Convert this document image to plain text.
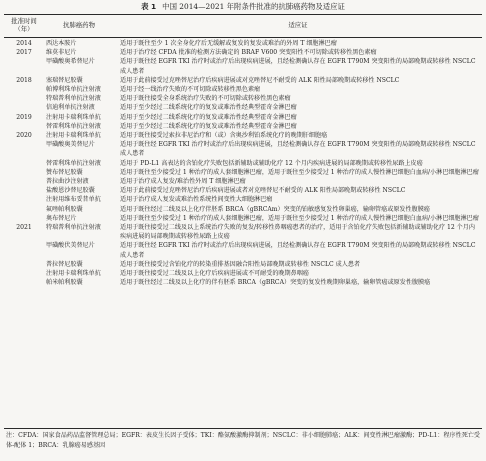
表 1 中国 2014—2021 年附条件批准的抗肺癌药物及适应证
批准时间（年）	抗肺癌药物	适应证
2014	西达本胺片	适用于既往至少 1 次全身化疗后无缓解或复发的复发或难治的外周 T 细胞淋巴瘤
2017	维莫非尼片	适用于治疗经 CFDA 批准的检测方法确定的 BRAF V600 突变阳性不可切除或转移性黑色素瘤
甲磺酸奥希替尼片	适用于既往经 EGFR TKI 治疗时或治疗后出现疾病进展，且经检测确认存在 EGFR T790M 突变阳性的局部晚期或转移性 NSCLC 成人患者
2018	塞瑞替尼胶囊	适用于此前接受过克唑替尼治疗后疾病进展或对克唑替尼不耐受的 ALK 阳性局部晚期或转移性 NSCLC
帕博利珠单抗注射液	适用于经一线治疗失败的不可切除或转移性黑色素瘤
特瑞普利单抗注射液	适用于既往接受全身系统治疗失败的不可切除或转移性黑色素瘤
信迪利单抗注射液	适用于至少经过二线系统化疗的复发或难治性经典型霍奇金淋巴瘤
2019	注射用卡瑞利珠单抗	适用于至少经过二线系统化疗的复发或难治性经典型霍奇金淋巴瘤
替雷利珠单抗注射液	适用于至少经过二线系统化疗的复发或难治性经典型霍奇金淋巴瘤
2020	注射用卡瑞利珠单抗	适用于既往接受过索拉非尼治疗和（或）含奥沙利铂系统化疗的晚期肝细胞癌
甲磺酸奥美替尼片	适用于既往经 EGFR TKI 治疗时或治疗后出现疾病进展，且经检测确认存在 EGFR T790M 突变阳性的局部晚期或转移性 NSCLC 成人患者
替雷利珠单抗注射液	适用于 PD-L1 高表达的含铂化疗失败包括新辅助或辅助化疗 12 个月内疾病进展的局部晚期或转移性尿路上皮癌
赞布替尼胶囊	适用于既往至少接受过 1 种治疗的成人套细胞淋巴瘤，适用于既往至少接受过 1 种治疗的成人慢性淋巴细胞白血病/小淋巴细胞淋巴瘤
普拉曲沙注射液	适用于治疗成人复发/难治性外周 T 细胞淋巴瘤
盐酸恩沙替尼胶囊	适用于此前接受过克唑替尼治疗后疾病进展或者对克唑替尼不耐受的 ALK 阳性局部晚期或转移性 NSCLC
注射用维布妥昔单抗	适用于治疗成人复发或难治性系统性间变性大细胞淋巴瘤
氟唑帕利胶囊	适用于既往经过二线及以上化疗伴胚系 BRCA（gBRCAm）突变的铂敏感复发性卵巢癌，输卵管癌或原发性腹膜癌
奥布替尼片	适用于既往至少接受过 1 种治疗的成人套细胞淋巴瘤，适用于既往至少接受过 1 种治疗的成人慢性淋巴细胞白血病/小淋巴细胞淋巴瘤
2021	特瑞普利单抗注射液	适用于既往接受过二线及以上系统治疗失败的复发/转移性鼻咽癌患者的治疗，适用于含铂化疗失败包括新辅助或辅助化疗 12 个月内疾病进展的局部晚期或转移性尿路上皮癌
甲磺酸伏美替尼片	适用于既往经 EGFR TKI 治疗时或治疗后出现疾病进展，且经检测确认存在 EGFR T790M 突变阳性的局部晚期或转移性 NSCLC 成人患者
普拉替尼胶囊	适用于既往接受过含铂化疗的转染重排基因融合阳性局部晚期或转移性 NSCLC 成人患者
注射用卡瑞利珠单抗	适用于既往接受过二线及以上化疗后疾病进展或不可耐受的晚期鼻咽癌
帕米帕利胶囊	适用于既往经过二线及以上化疗的伴有胚系 BRCA（gBRCA）突变的复发性晚期卵巢癌，输卵管癌或原发性腹膜癌
注：CFDA：国家食品药品监督管理总局；EGFR：表皮生长因子受体；TKI：酪氨酸激酶抑制剂；NSCLC：非小细胞肺癌；ALK：间变性淋巴瘤激酶；PD-L1：程序性死亡受体-配体 1；BRCA：乳腺癌易感基因
